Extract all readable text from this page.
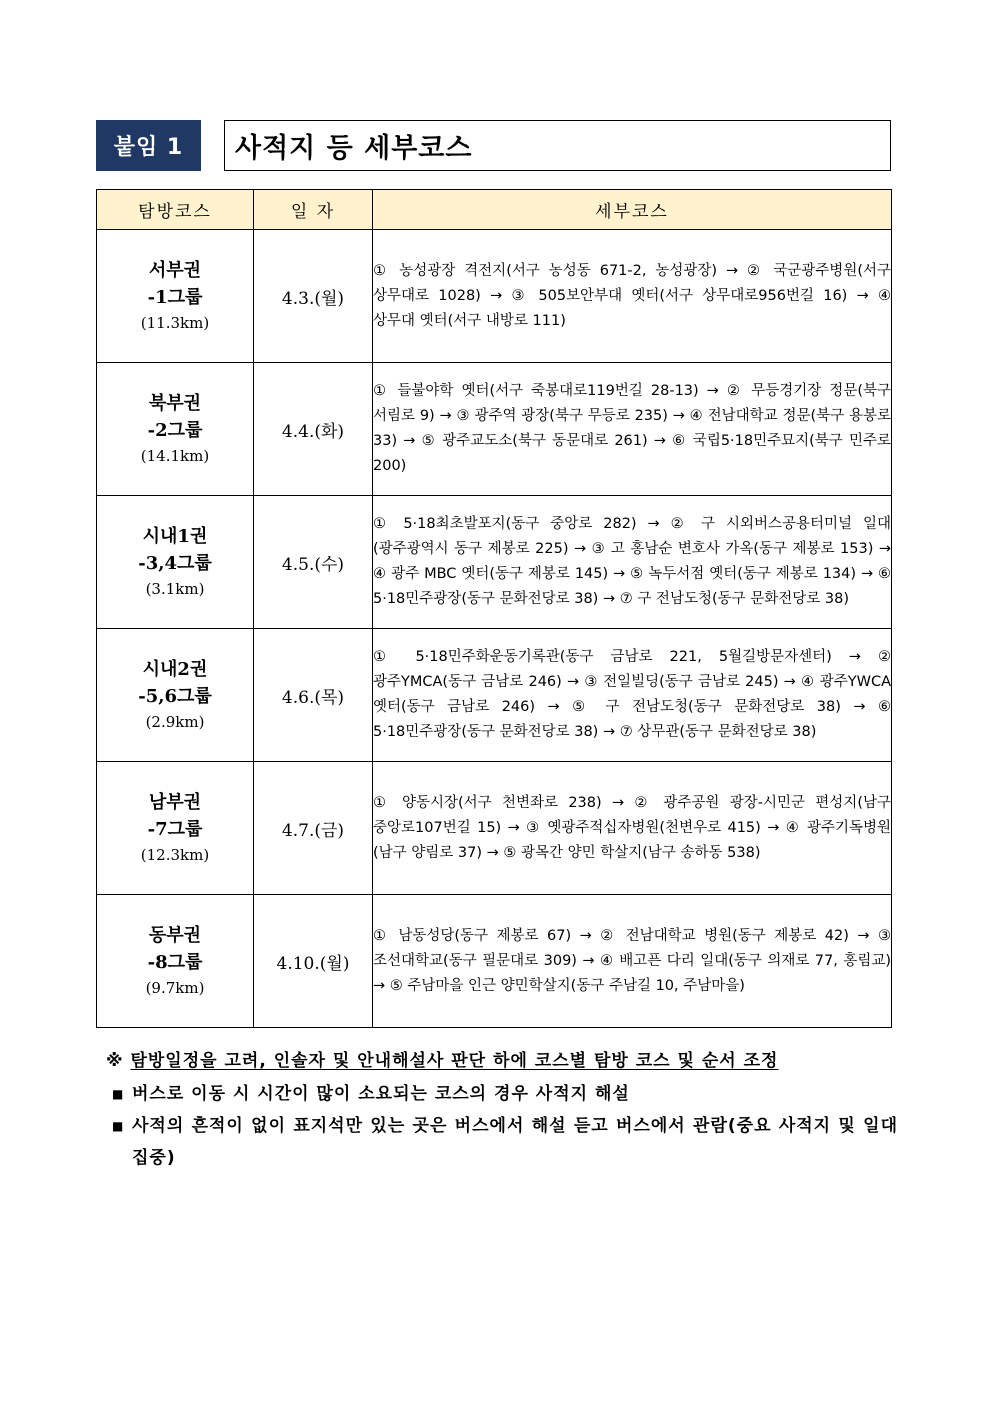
붙임 1	사적지 등 세부코스
탐방코스	일 자	세부코스

서부권
-1그룹
(11.3km)	4.3.(월)	① 농성광장 격전지(서구 농성동 671-2, 농성광장) → ② 국군광주병원(서구 상무대로 1028) → ③ 505보안부대 옛터(서구 상무대로956번길 16) → ④ 상무대 옛터(서구 내방로 111)

북부권
-2그룹
(14.1km)	4.4.(화)	① 들불야학 옛터(서구 죽봉대로119번길 28-13) → ② 무등경기장 정문(북구 서림로 9) → ③ 광주역 광장(북구 무등로 235) → ④ 전남대학교 정문(북구 용봉로 33) → ⑤ 광주교도소(북구 동문대로 261) → ⑥ 국립5·18민주묘지(북구 민주로 200)

시내1권
-3,4그룹
(3.1km)	4.5.(수)	① 5·18최초발포지(동구 중앙로 282) → ② 구 시외버스공용터미널 일대(광주광역시 동구 제봉로 225) → ③ 고 홍남순 변호사 가옥(동구 제봉로 153) → ④ 광주 MBC 옛터(동구 제봉로 145) → ⑤ 녹두서점 옛터(동구 제봉로 134) → ⑥ 5·18민주광장(동구 문화전당로 38) → ⑦ 구 전남도청(동구 문화전당로 38)

시내2권
-5,6그룹
(2.9km)	4.6.(목)	① 5·18민주화운동기록관(동구 금남로 221, 5월길방문자센터) → ② 광주YMCA(동구 금남로 246) → ③ 전일빌딩(동구 금남로 245) → ④ 광주YWCA 옛터(동구 금남로 246) → ⑤ 구 전남도청(동구 문화전당로 38) → ⑥ 5·18민주광장(동구 문화전당로 38) → ⑦ 상무관(동구 문화전당로 38)

남부권
-7그룹
(12.3km)	4.7.(금)	① 양동시장(서구 천변좌로 238) → ② 광주공원 광장-시민군 편성지(남구 중앙로107번길 15) → ③ 옛광주적십자병원(천변우로 415) → ④ 광주기독병원(남구 양림로 37) → ⑤ 광목간 양민 학살지(남구 송하동 538)

동부권
-8그룹
(9.7km)	4.10.(월)	① 남동성당(동구 제봉로 67) → ② 전남대학교 병원(동구 제봉로 42) → ③ 조선대학교(동구 필문대로 309) → ④ 배고픈 다리 일대(동구 의재로 77, 홍림교) → ⑤ 주남마을 인근 양민학살지(동구 주남길 10, 주남마을)
※ 탐방일정을 고려, 인솔자 및 안내해설사 판단 하에 코스별 탐방 코스 및 순서 조정
■ 버스로 이동 시 시간이 많이 소요되는 코스의 경우 사적지 해설
■ 사적의 흔적이 없이 표지석만 있는 곳은 버스에서 해설 듣고 버스에서 관람(중요 사적지 및 일대 집중)
